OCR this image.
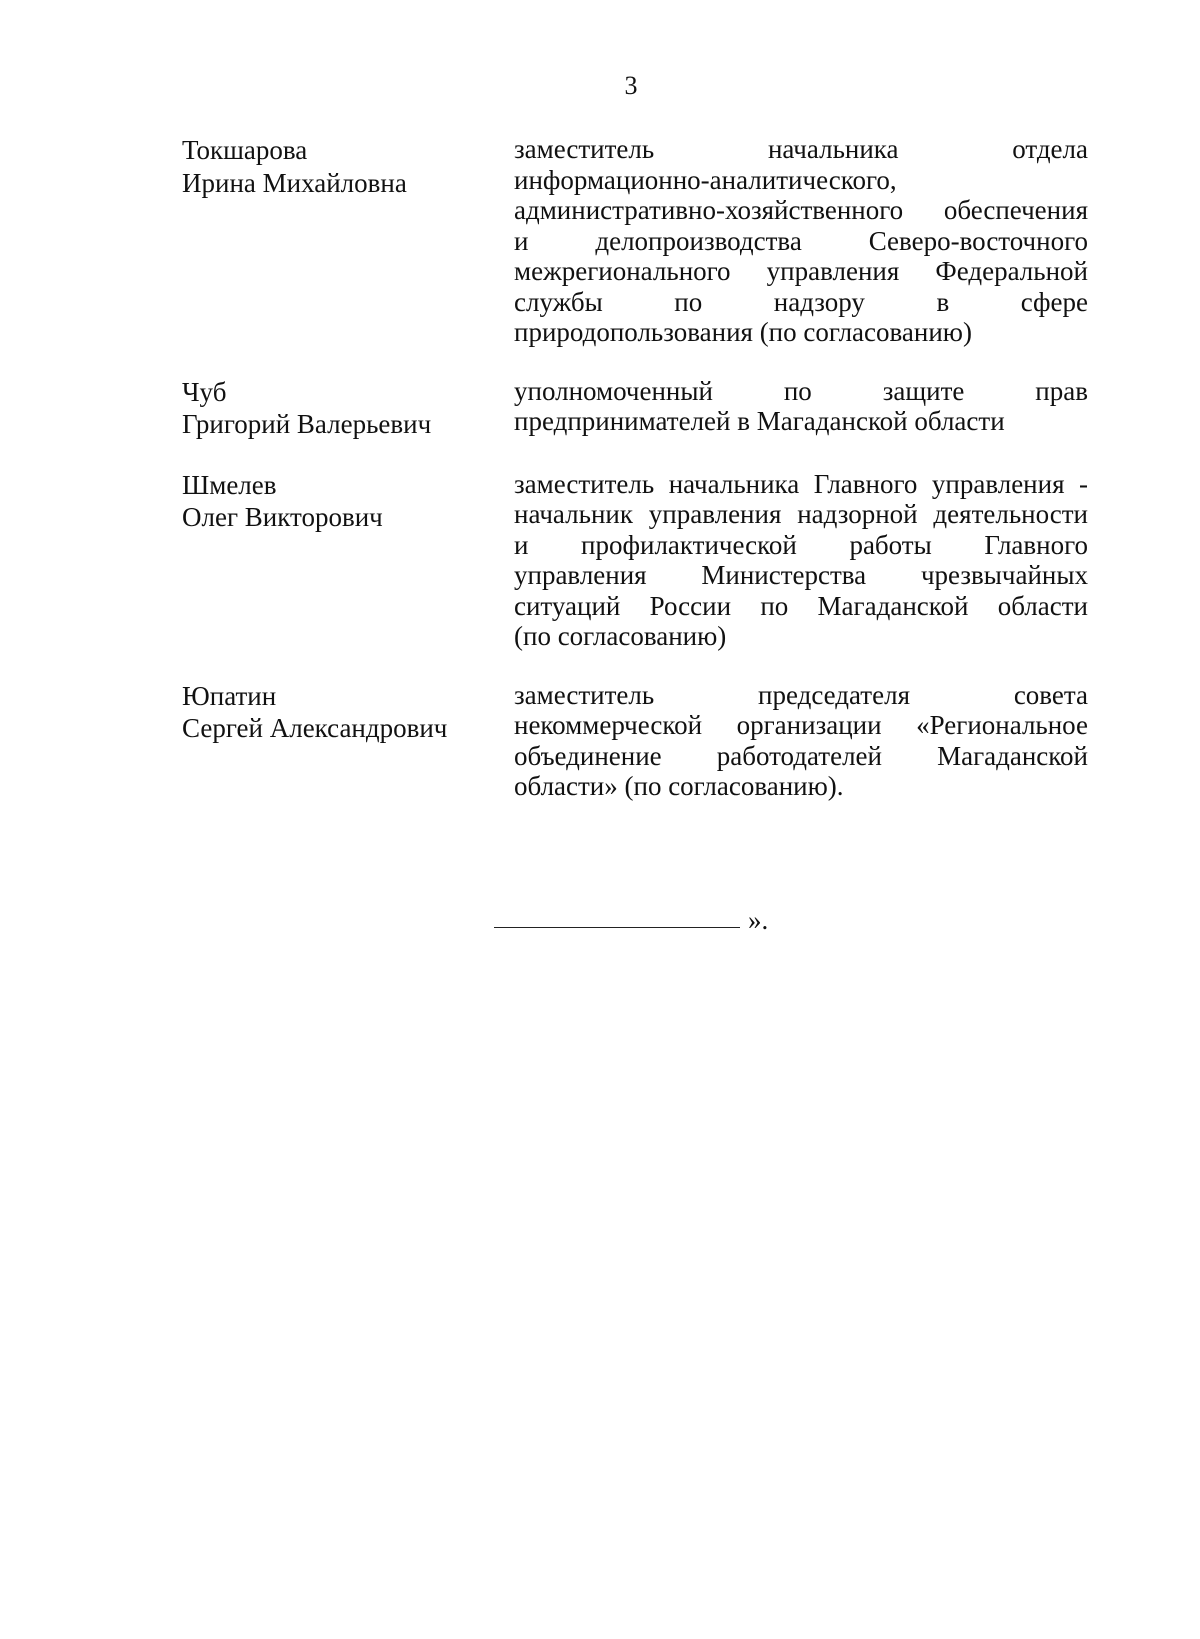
3
Токшарова
Ирина Михайловна
заместитель начальника отдела
информационно-аналитического,
административно-хозяйственного обеспечения
и делопроизводства Северо-восточного
межрегионального управления Федеральной
службы по надзору в сфере
природопользования (по согласованию)
Чуб
Григорий Валерьевич
уполномоченный по защите прав
предпринимателей в Магаданской области
Шмелев
Олег Викторович
заместитель начальника Главного управления -
начальник управления надзорной деятельности
и профилактической работы Главного
управления Министерства чрезвычайных
ситуаций России по Магаданской области
(по согласованию)
Юпатин
Сергей Александрович
заместитель председателя совета
некоммерческой организации «Региональное
объединение работодателей Магаданской
области» (по согласованию).
».
